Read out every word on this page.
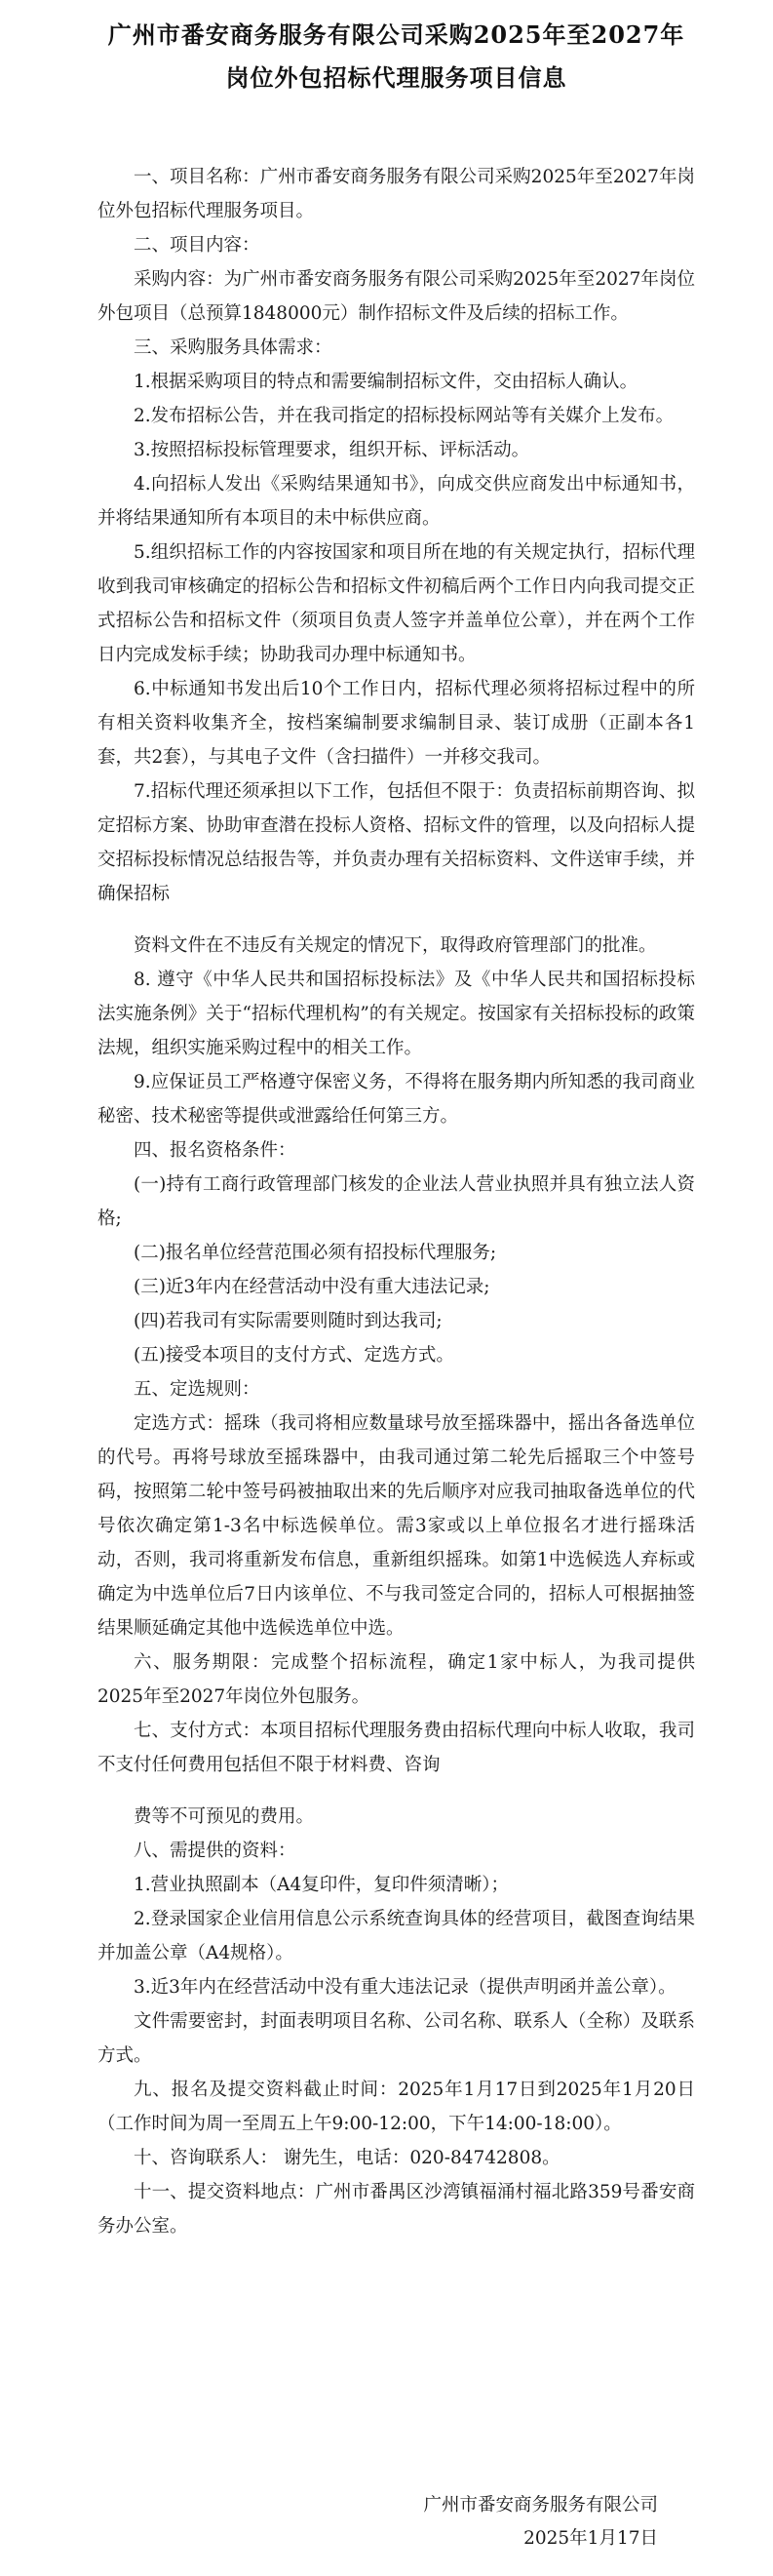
广州市番安商务服务有限公司采购2025年至2027年
岗位外包招标代理服务项目信息

一、项目名称：广州市番安商务服务有限公司采购2025年至2027年岗位外包招标代理服务项目。

二、项目内容：

采购内容：为广州市番安商务服务有限公司采购2025年至2027年岗位外包项目（总预算1848000元）制作招标文件及后续的招标工作。

三、采购服务具体需求：

1.根据采购项目的特点和需要编制招标文件，交由招标人确认。

2.发布招标公告，并在我司指定的招标投标网站等有关媒介上发布。

3.按照招标投标管理要求，组织开标、评标活动。

4.向招标人发出《采购结果通知书》，向成交供应商发出中标通知书，并将结果通知所有本项目的未中标供应商。

5.组织招标工作的内容按国家和项目所在地的有关规定执行，招标代理收到我司审核确定的招标公告和招标文件初稿后两个工作日内向我司提交正式招标公告和招标文件（须项目负责人签字并盖单位公章），并在两个工作日内完成发标手续；协助我司办理中标通知书。

6.中标通知书发出后10个工作日内，招标代理必须将招标过程中的所有相关资料收集齐全，按档案编制要求编制目录、装订成册（正副本各1套，共2套），与其电子文件（含扫描件）一并移交我司。

7.招标代理还须承担以下工作，包括但不限于：负责招标前期咨询、拟定招标方案、协助审查潜在投标人资格、招标文件的管理，以及向招标人提交招标投标情况总结报告等，并负责办理有关招标资料、文件送审手续，并确保招标

资料文件在不违反有关规定的情况下，取得政府管理部门的批准。

8. 遵守《中华人民共和国招标投标法》及《中华人民共和国招标投标法实施条例》关于“招标代理机构”的有关规定。按国家有关招标投标的政策法规，组织实施采购过程中的相关工作。

9.应保证员工严格遵守保密义务，不得将在服务期内所知悉的我司商业秘密、技术秘密等提供或泄露给任何第三方。

四、报名资格条件：

(一)持有工商行政管理部门核发的企业法人营业执照并具有独立法人资格;

(二)报名单位经营范围必须有招投标代理服务;

(三)近3年内在经营活动中没有重大违法记录;

(四)若我司有实际需要则随时到达我司;

(五)接受本项目的支付方式、定选方式。

五、定选规则：

定选方式：摇珠（我司将相应数量球号放至摇珠器中，摇出各备选单位的代号。再将号球放至摇珠器中，由我司通过第二轮先后摇取三个中签号码，按照第二轮中签号码被抽取出来的先后顺序对应我司抽取备选单位的代号依次确定第1-3名中标选候单位。需3家或以上单位报名才进行摇珠活动，否则，我司将重新发布信息，重新组织摇珠。如第1中选候选人弃标或确定为中选单位后7日内该单位、不与我司签定合同的，招标人可根据抽签结果顺延确定其他中选候选单位中选。

六、服务期限：完成整个招标流程，确定1家中标人，为我司提供2025年至2027年岗位外包服务。

七、支付方式：本项目招标代理服务费由招标代理向中标人收取，我司不支付任何费用包括但不限于材料费、咨询

费等不可预见的费用。

八、需提供的资料：

1.营业执照副本（A4复印件，复印件须清晰）；

2.登录国家企业信用信息公示系统查询具体的经营项目，截图查询结果并加盖公章（A4规格）。

3.近3年内在经营活动中没有重大违法记录（提供声明函并盖公章）。

文件需要密封，封面表明项目名称、公司名称、联系人（全称）及联系方式。

九、报名及提交资料截止时间：2025年1月17日到2025年1月20日（工作时间为周一至周五上午9:00-12:00，下午14:00-18:00）。

十、咨询联系人： 谢先生，电话：020-84742808。

十一、提交资料地点：广州市番禺区沙湾镇福涌村福北路359号番安商务办公室。

广州市番安商务服务有限公司
2025年1月17日
